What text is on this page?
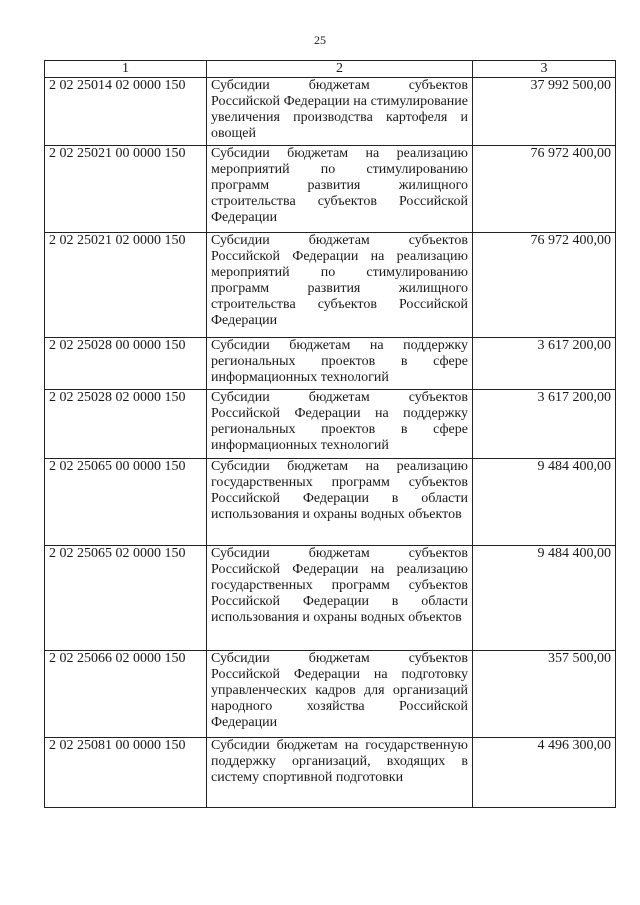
25
1	2	3
2 02 25014 02 0000 150	Субсидии бюджетам субъектов Российской Федерации на стимулирование увеличения производства картофеля и овощей	37 992 500,00
2 02 25021 00 0000 150	Субсидии бюджетам на реализацию мероприятий по стимулированию программ развития жилищного строительства субъектов Российской Федерации	76 972 400,00
2 02 25021 02 0000 150	Субсидии бюджетам субъектов Российской Федерации на реализацию мероприятий по стимулированию программ развития жилищного строительства субъектов Российской Федерации	76 972 400,00
2 02 25028 00 0000 150	Субсидии бюджетам на поддержку региональных проектов в сфере информационных технологий	3 617 200,00
2 02 25028 02 0000 150	Субсидии бюджетам субъектов Российской Федерации на поддержку региональных проектов в сфере информационных технологий	3 617 200,00
2 02 25065 00 0000 150	Субсидии бюджетам на реализацию государственных программ субъектов Российской Федерации в области использования и охраны водных объектов	9 484 400,00
2 02 25065 02 0000 150	Субсидии бюджетам субъектов Российской Федерации на реализацию государственных программ субъектов Российской Федерации в области использования и охраны водных объектов	9 484 400,00
2 02 25066 02 0000 150	Субсидии бюджетам субъектов Российской Федерации на подготовку управленческих кадров для организаций народного хозяйства Российской Федерации	357 500,00
2 02 25081 00 0000 150	Субсидии бюджетам на государственную поддержку организаций, входящих в систему спортивной подготовки	4 496 300,00
